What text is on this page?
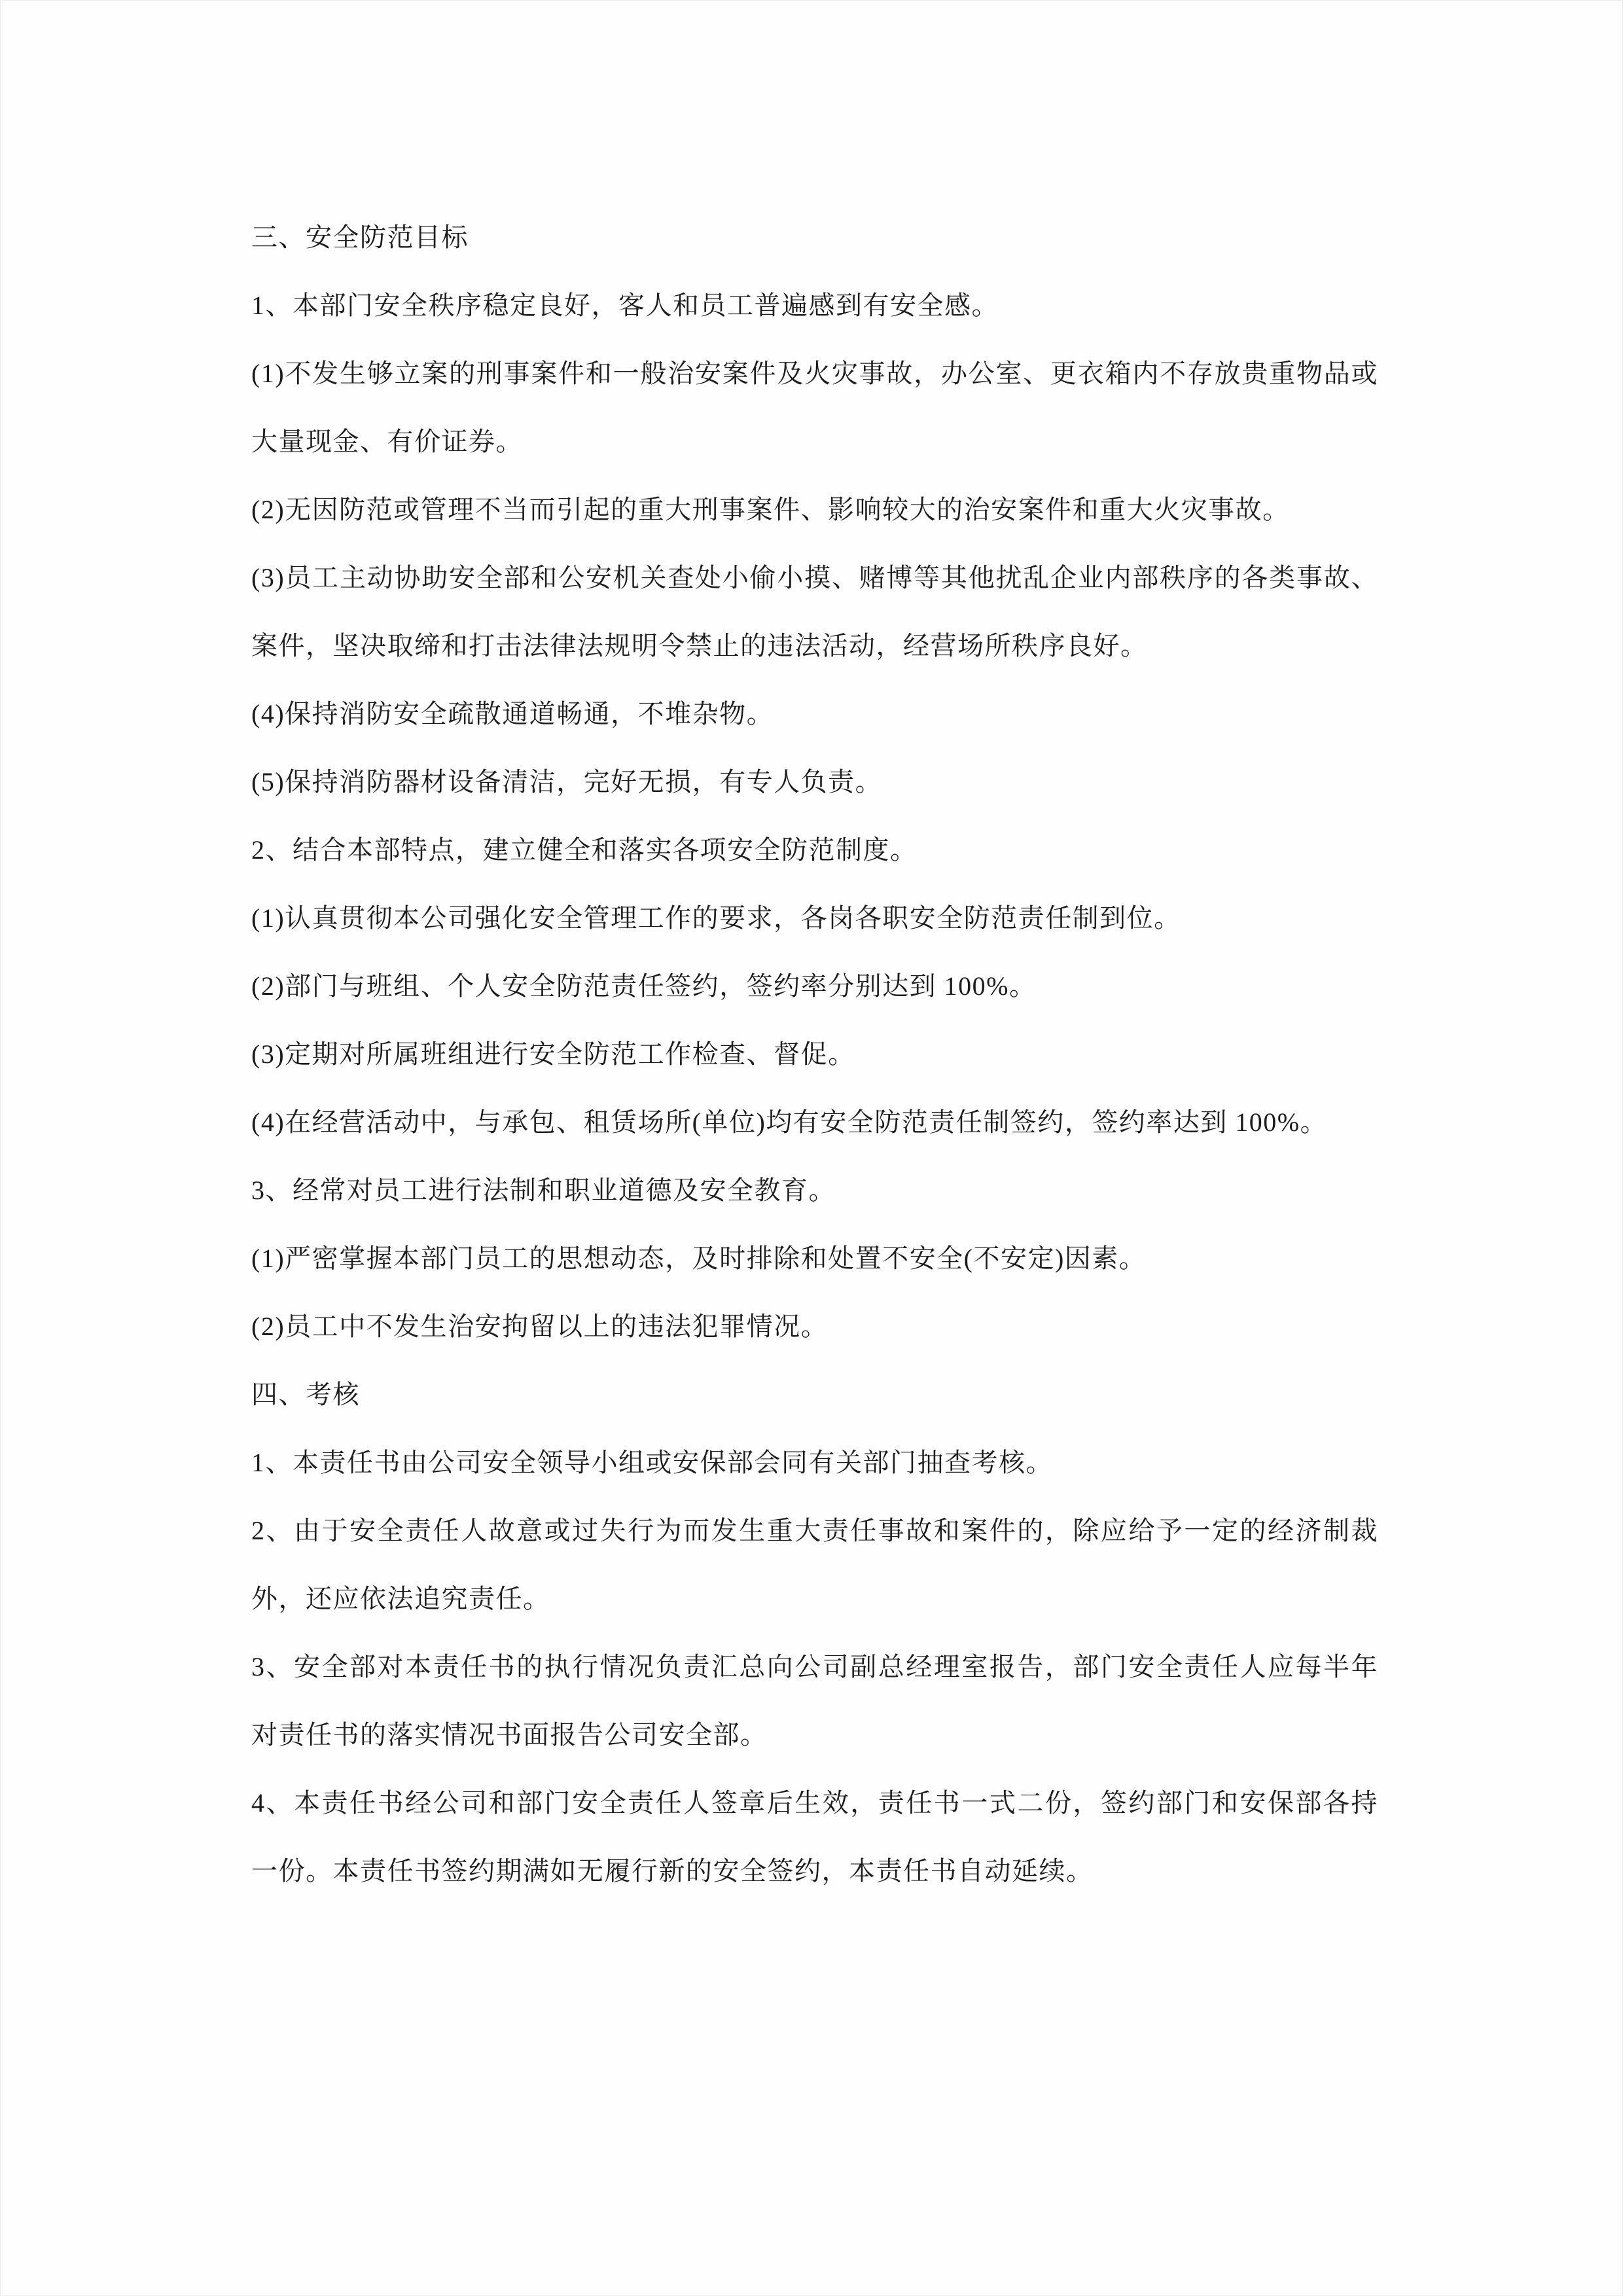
三、安全防范目标

1、本部门安全秩序稳定良好，客人和员工普遍感到有安全感。

(1)不发生够立案的刑事案件和一般治安案件及火灾事故，办公室、更衣箱内不存放贵重物品或大量现金、有价证券。

(2)无因防范或管理不当而引起的重大刑事案件、影响较大的治安案件和重大火灾事故。

(3)员工主动协助安全部和公安机关查处小偷小摸、赌博等其他扰乱企业内部秩序的各类事故、案件，坚决取缔和打击法律法规明令禁止的违法活动，经营场所秩序良好。

(4)保持消防安全疏散通道畅通，不堆杂物。

(5)保持消防器材设备清洁，完好无损，有专人负责。

2、结合本部特点，建立健全和落实各项安全防范制度。

(1)认真贯彻本公司强化安全管理工作的要求，各岗各职安全防范责任制到位。

(2)部门与班组、个人安全防范责任签约，签约率分别达到 100%。

(3)定期对所属班组进行安全防范工作检查、督促。

(4)在经营活动中，与承包、租赁场所(单位)均有安全防范责任制签约，签约率达到 100%。

3、经常对员工进行法制和职业道德及安全教育。

(1)严密掌握本部门员工的思想动态，及时排除和处置不安全(不安定)因素。

(2)员工中不发生治安拘留以上的违法犯罪情况。

四、考核

1、本责任书由公司安全领导小组或安保部会同有关部门抽查考核。

2、由于安全责任人故意或过失行为而发生重大责任事故和案件的，除应给予一定的经济制裁外，还应依法追究责任。

3、安全部对本责任书的执行情况负责汇总向公司副总经理室报告，部门安全责任人应每半年对责任书的落实情况书面报告公司安全部。

4、本责任书经公司和部门安全责任人签章后生效，责任书一式二份，签约部门和安保部各持一份。本责任书签约期满如无履行新的安全签约，本责任书自动延续。
